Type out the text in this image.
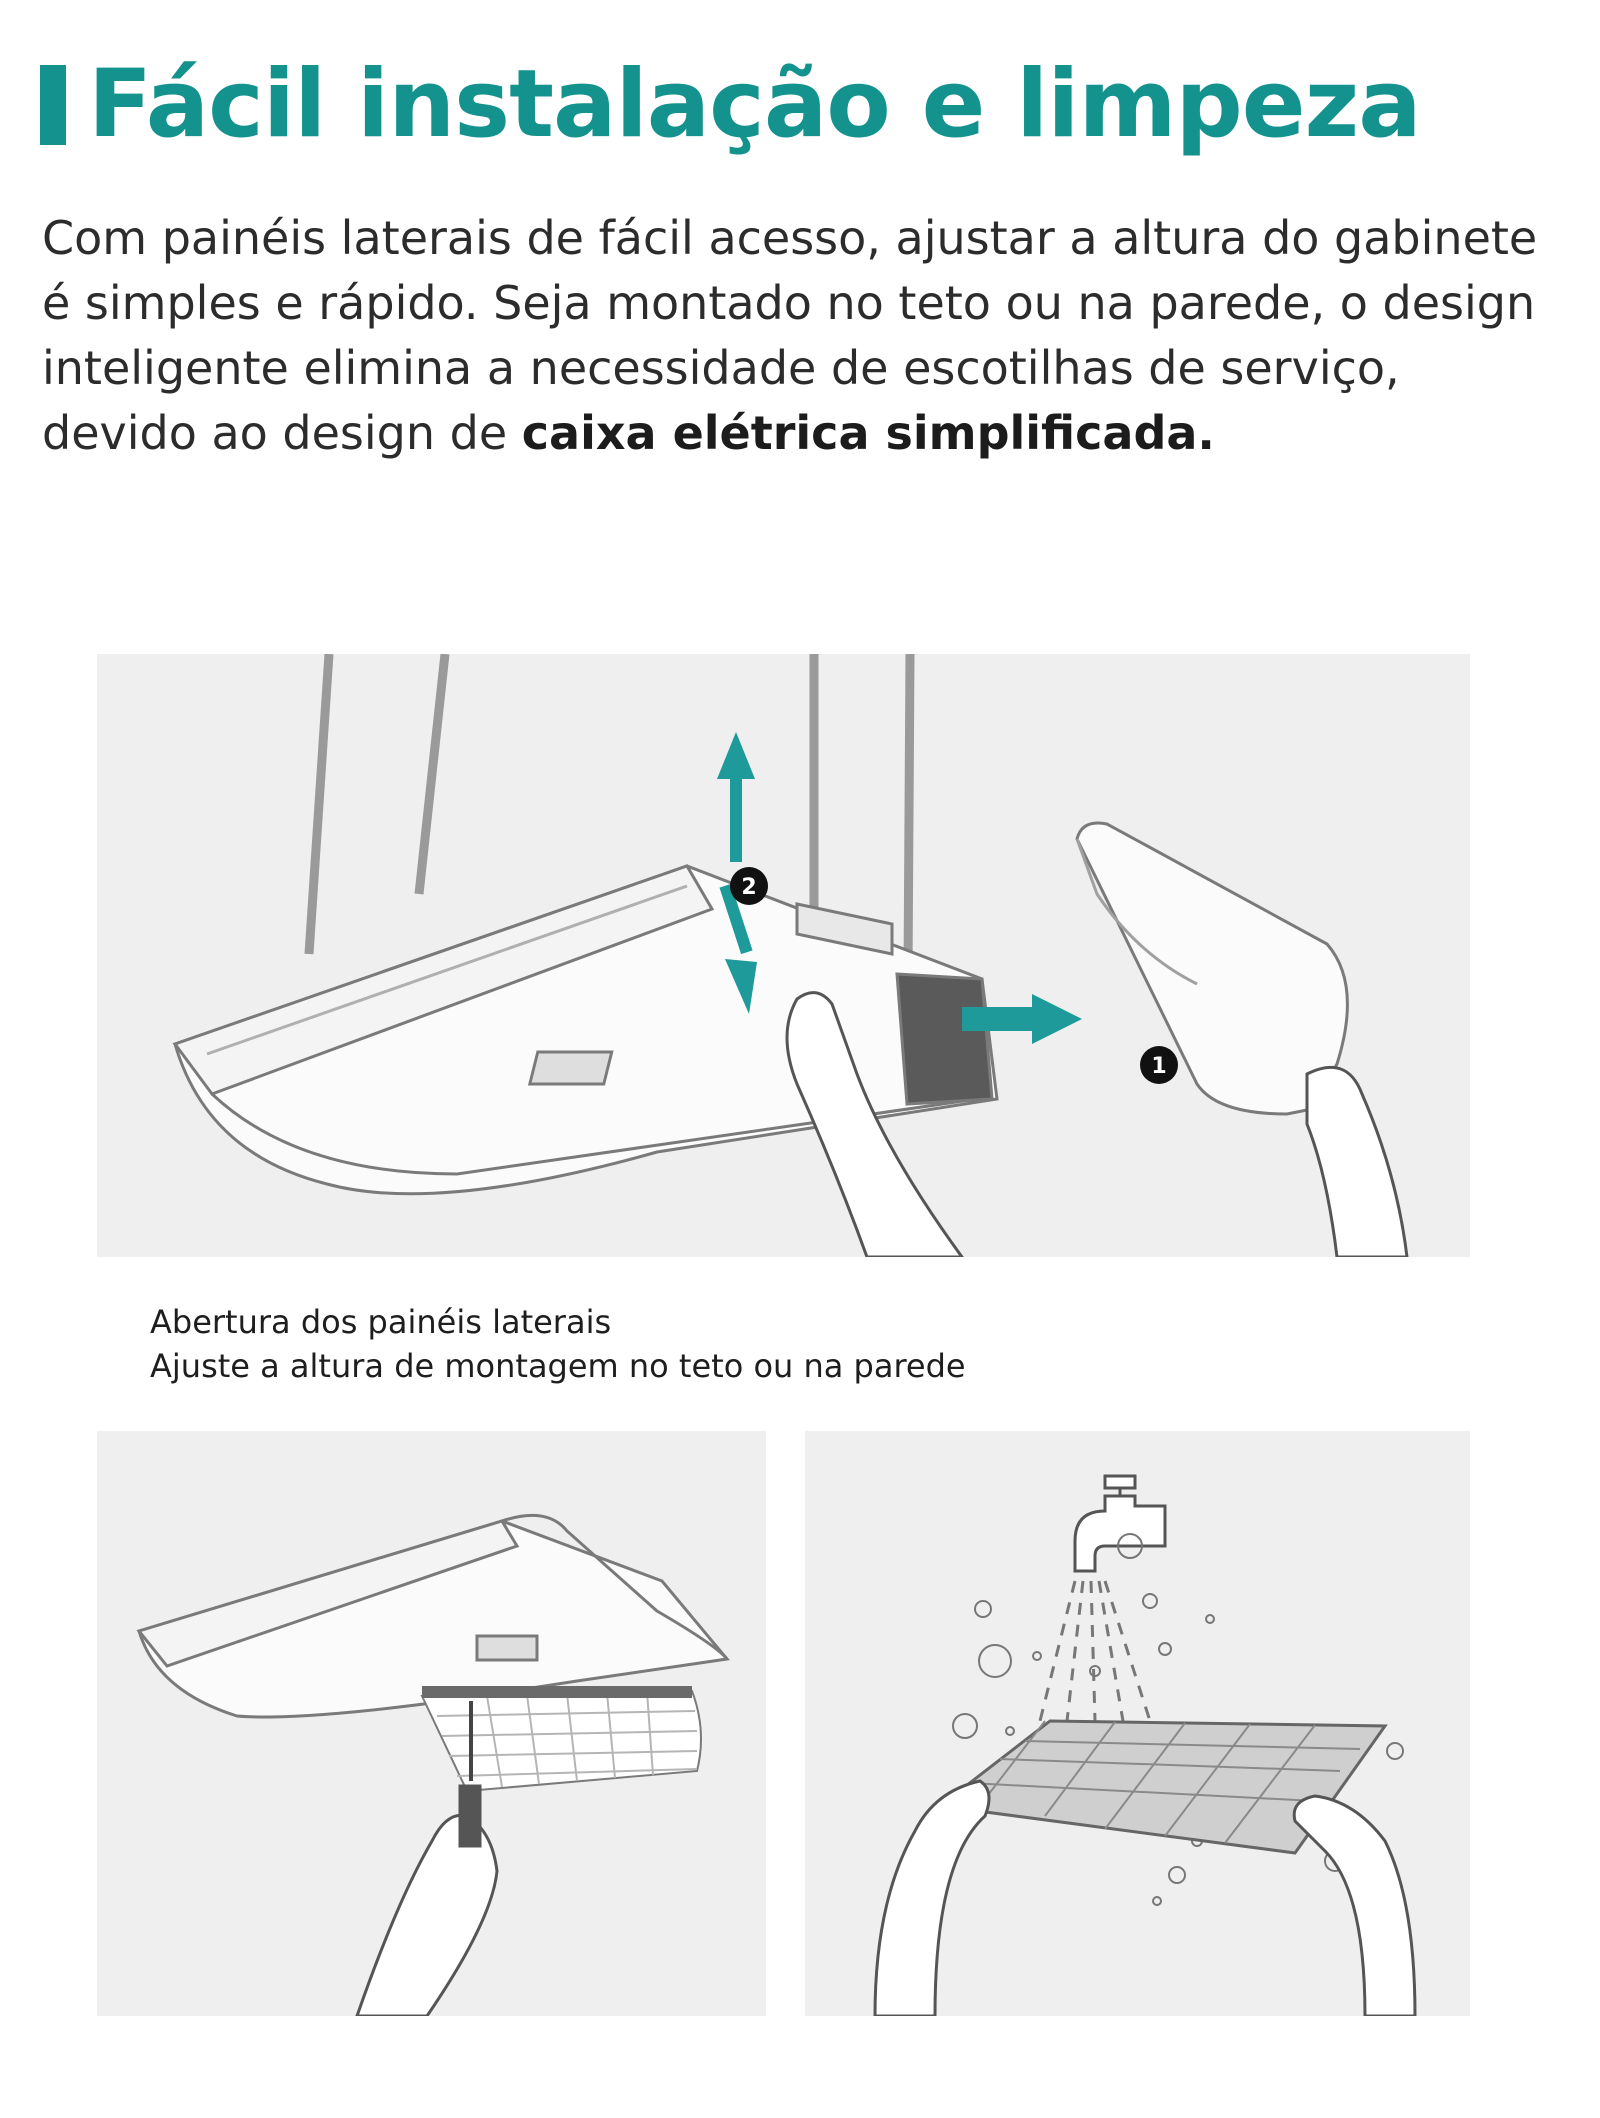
Fácil instalação e limpeza

Com painéis laterais de fácil acesso, ajustar a altura do gabinete é simples e rápido. Seja montado no teto ou na parede, o design inteligente elimina a necessidade de escotilhas de serviço, devido ao design de caixa elétrica simplificada.

2
1
Abertura dos painéis laterais
Ajuste a altura de montagem no teto ou na parede
